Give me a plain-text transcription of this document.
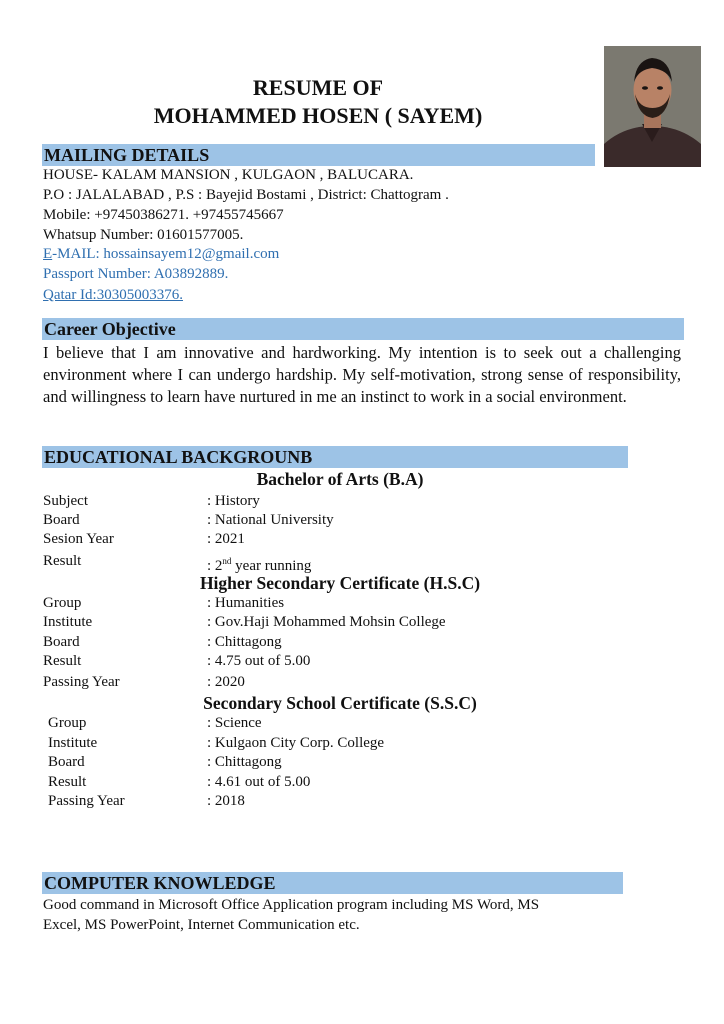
RESUME OF
MOHAMMED HOSEN ( SAYEM)
MAILING DETAILS
HOUSE- KALAM MANSION , KULGAON , BALUCARA.
P.O : JALALABAD , P.S : Bayejid Bostami , District: Chattogram .
Mobile: +97450386271. +97455745667
Whatsup Number: 01601577005.
E-MAIL: hossainsayem12@gmail.com
Passport Number: A03892889.
Qatar Id:30305003376.
Career Objective
I believe that I am innovative and hardworking. My intention is to seek out a challenging environment where I can undergo hardship. My self-motivation, strong sense of responsibility, and willingness to learn have nurtured in me an instinct to work in a social environment.
EDUCATIONAL BACKGROUNB
Bachelor of Arts (B.A)
Subject	: History
Board	: National University
Sesion Year	: 2021
Result	: 2nd year running
Higher Secondary Certificate (H.S.C)
Group	: Humanities
Institute	: Gov.Haji Mohammed Mohsin College
Board	: Chittagong
Result	: 4.75 out of 5.00
Passing Year	: 2020
Secondary School Certificate (S.S.C)
Group	: Science
Institute	: Kulgaon City Corp. College
Board	: Chittagong
Result	: 4.61 out of 5.00
Passing Year	: 2018
COMPUTER KNOWLEDGE
Good command in Microsoft Office Application program including MS Word, MS
Excel, MS PowerPoint, Internet Communication etc.
